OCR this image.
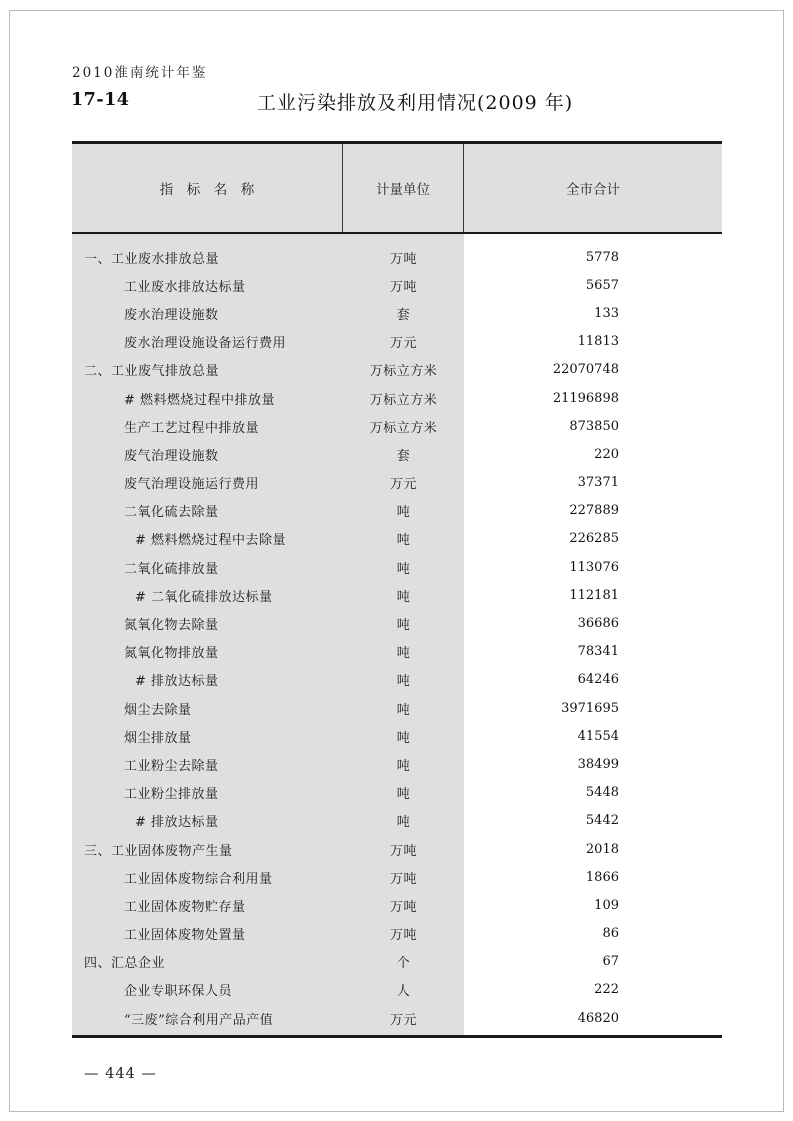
2010淮南统计年鉴
17-14	工业污染排放及利用情况(2009 年)
指　标　名　称	计量单位	全市合计
一、工业废水排放总量	万吨	5778
工业废水排放达标量	万吨	5657
废水治理设施数	套	133
废水治理设施设备运行费用	万元	11813
二、工业废气排放总量	万标立方米	22070748
# 燃料燃烧过程中排放量	万标立方米	21196898
生产工艺过程中排放量	万标立方米	873850
废气治理设施数	套	220
废气治理设施运行费用	万元	37371
二氧化硫去除量	吨	227889
# 燃料燃烧过程中去除量	吨	226285
二氧化硫排放量	吨	113076
# 二氧化硫排放达标量	吨	112181
氮氧化物去除量	吨	36686
氮氧化物排放量	吨	78341
# 排放达标量	吨	64246
烟尘去除量	吨	3971695
烟尘排放量	吨	41554
工业粉尘去除量	吨	38499
工业粉尘排放量	吨	5448
# 排放达标量	吨	5442
三、工业固体废物产生量	万吨	2018
工业固体废物综合利用量	万吨	1866
工业固体废物贮存量	万吨	109
工业固体废物处置量	万吨	86
四、汇总企业	个	67
企业专职环保人员	人	222
“三废”综合利用产品产值	万元	46820
— 444 —
